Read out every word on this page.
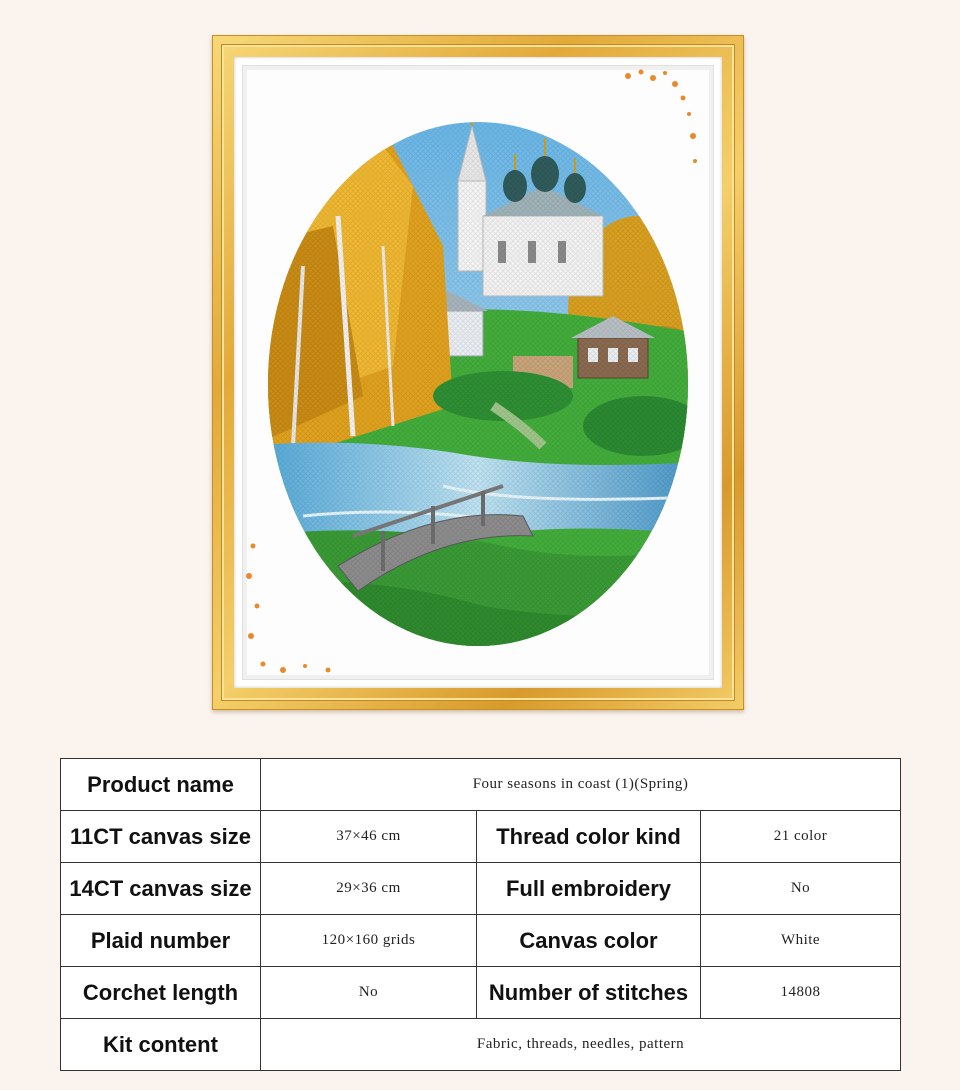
Product name	Four seasons in coast (1)(Spring)		
11CT canvas size	37×46 cm	Thread color kind	21 color
14CT canvas size	29×36 cm	Full embroidery	No
Plaid number	120×160 grids	Canvas color	White
Corchet length	No	Number of stitches	14808
Kit content	Fabric, threads, needles, pattern		
